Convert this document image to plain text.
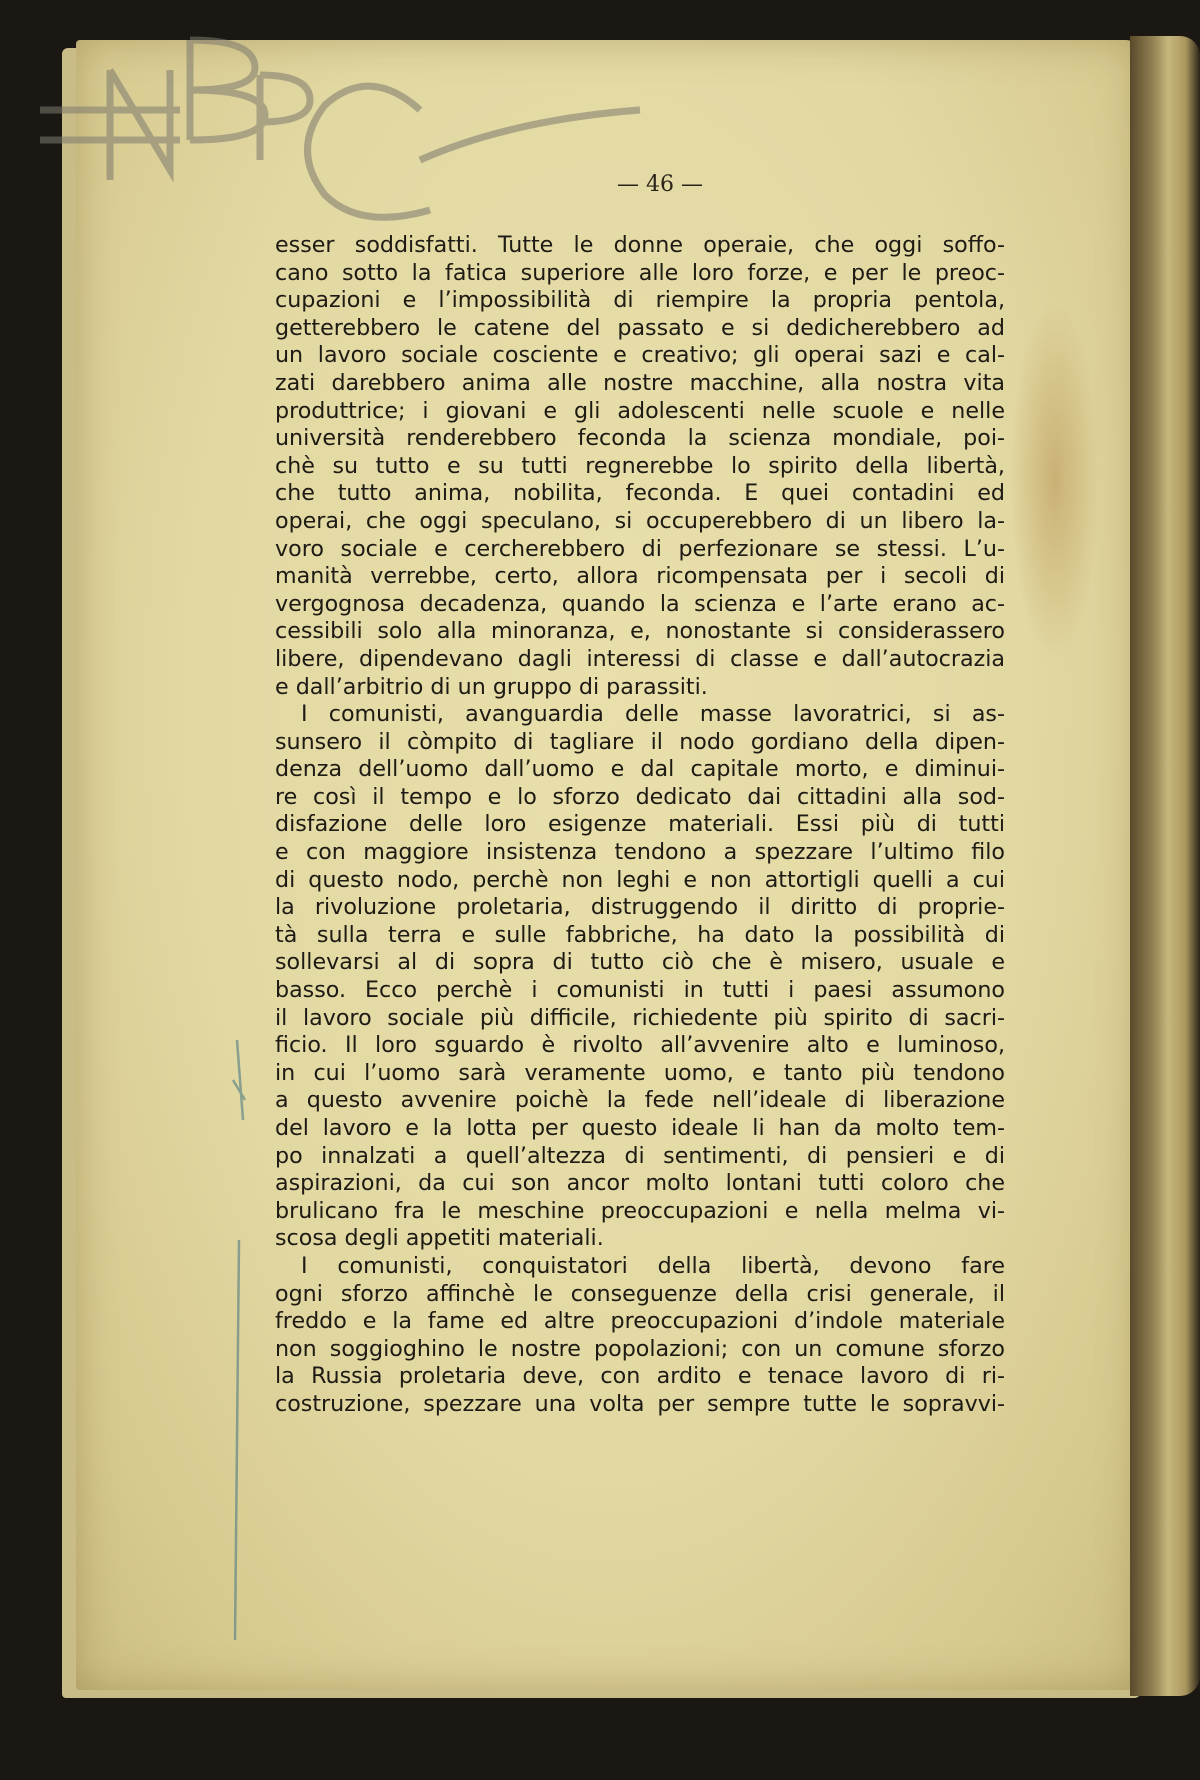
— 46 —
esser soddisfatti. Tutte le donne operaie, che oggi soffo-
cano sotto la fatica superiore alle loro forze, e per le preoc-
cupazioni e l’impossibilità di riempire la propria pentola,
getterebbero le catene del passato e si dedicherebbero ad
un lavoro sociale cosciente e creativo; gli operai sazi e cal-
zati darebbero anima alle nostre macchine, alla nostra vita
produttrice; i giovani e gli adolescenti nelle scuole e nelle
università renderebbero feconda la scienza mondiale, poi-
chè su tutto e su tutti regnerebbe lo spirito della libertà,
che tutto anima, nobilita, feconda. E quei contadini ed
operai, che oggi speculano, si occuperebbero di un libero la-
voro sociale e cercherebbero di perfezionare se stessi. L’u-
manità verrebbe, certo, allora ricompensata per i secoli di
vergognosa decadenza, quando la scienza e l’arte erano ac-
cessibili solo alla minoranza, e, nonostante si considerassero
libere, dipendevano dagli interessi di classe e dall’autocrazia
e dall’arbitrio di un gruppo di parassiti.
I comunisti, avanguardia delle masse lavoratrici, si as-
sunsero il còmpito di tagliare il nodo gordiano della dipen-
denza dell’uomo dall’uomo e dal capitale morto, e diminui-
re così il tempo e lo sforzo dedicato dai cittadini alla sod-
disfazione delle loro esigenze materiali. Essi più di tutti
e con maggiore insistenza tendono a spezzare l’ultimo filo
di questo nodo, perchè non leghi e non attortigli quelli a cui
la rivoluzione proletaria, distruggendo il diritto di proprie-
tà sulla terra e sulle fabbriche, ha dato la possibilità di
sollevarsi al di sopra di tutto ciò che è misero, usuale e
basso. Ecco perchè i comunisti in tutti i paesi assumono
il lavoro sociale più difficile, richiedente più spirito di sacri-
ficio. Il loro sguardo è rivolto all’avvenire alto e luminoso,
in cui l’uomo sarà veramente uomo, e tanto più tendono
a questo avvenire poichè la fede nell’ideale di liberazione
del lavoro e la lotta per questo ideale li han da molto tem-
po innalzati a quell’altezza di sentimenti, di pensieri e di
aspirazioni, da cui son ancor molto lontani tutti coloro che
brulicano fra le meschine preoccupazioni e nella melma vi-
scosa degli appetiti materiali.
I comunisti, conquistatori della libertà, devono fare
ogni sforzo affinchè le conseguenze della crisi generale, il
freddo e la fame ed altre preoccupazioni d’indole materiale
non soggioghino le nostre popolazioni; con un comune sforzo
la Russia proletaria deve, con ardito e tenace lavoro di ri-
costruzione, spezzare una volta per sempre tutte le sopravvi-
